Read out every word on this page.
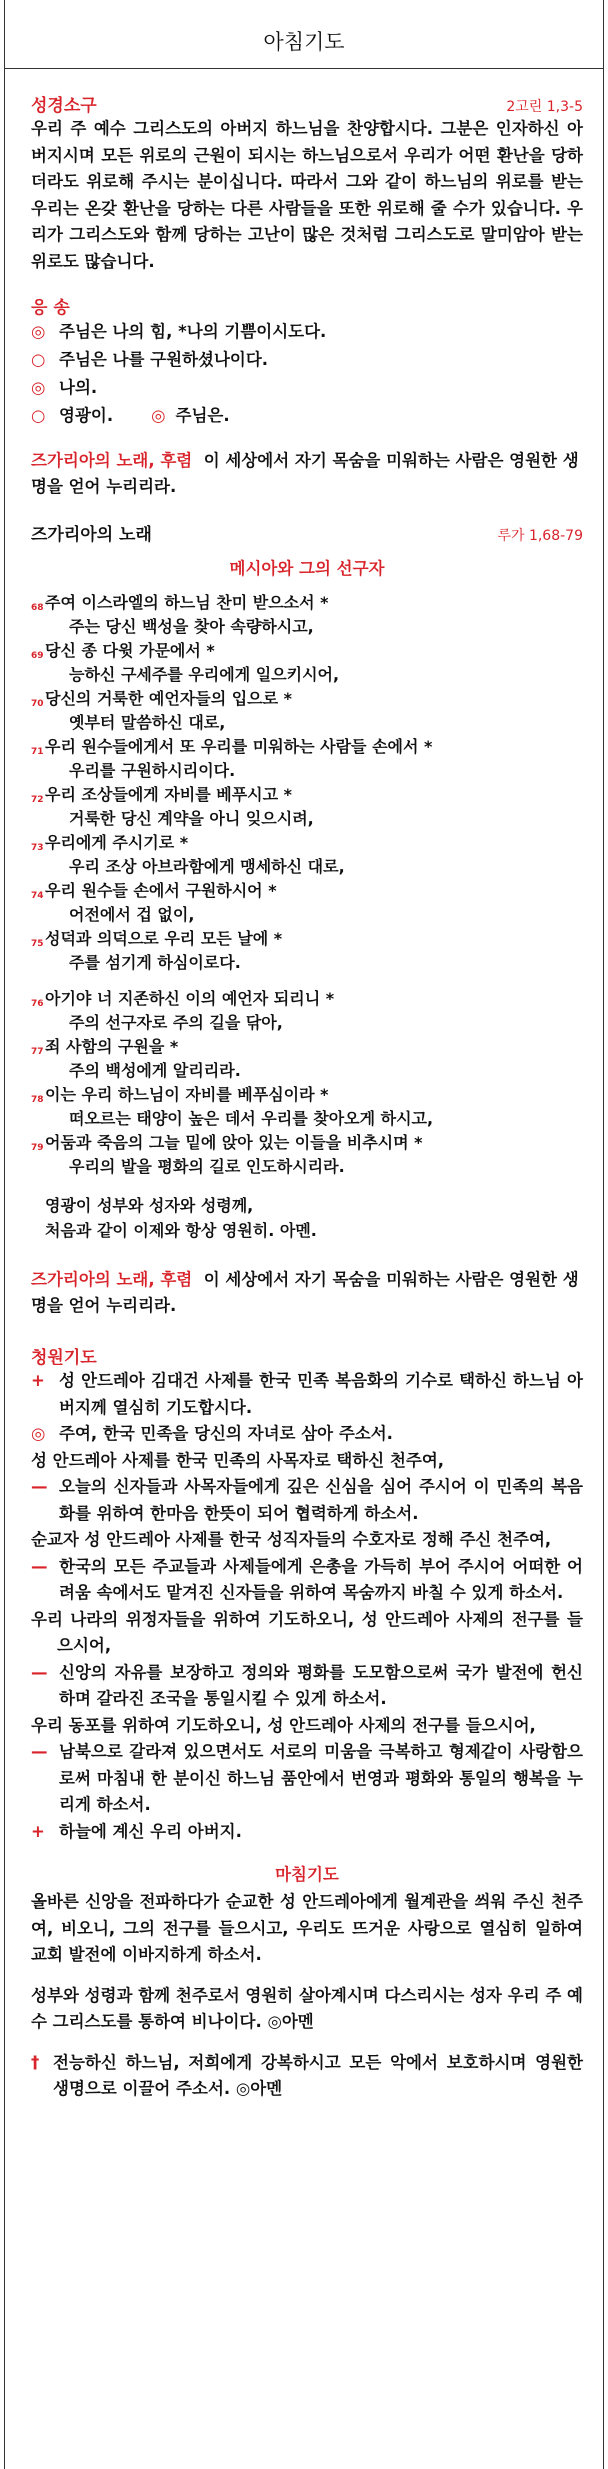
아침기도
성경소구	2고린 1,3-5
우리 주 예수 그리스도의 아버지 하느님을 찬양합시다. 그분은 인자하신 아버지시며 모든 위로의 근원이 되시는 하느님으로서 우리가 어떤 환난을 당하더라도 위로해 주시는 분이십니다. 따라서 그와 같이 하느님의 위로를 받는 우리는 온갖 환난을 당하는 다른 사람들을 또한 위로해 줄 수가 있습니다. 우리가 그리스도와 함께 당하는 고난이 많은 것처럼 그리스도로 말미암아 받는 위로도 많습니다.
응 송
◎ 주님은 나의 힘, *나의 기쁨이시도다.
○ 주님은 나를 구원하셨나이다.
◎ 나의.
○ 영광이. ◎ 주님은.
즈가리아의 노래, 후렴 이 세상에서 자기 목숨을 미워하는 사람은 영원한 생명을 얻어 누리리라.
즈가리아의 노래	루가 1,68-79
메시아와 그의 선구자
68 주여 이스라엘의 하느님 찬미 받으소서 *
주는 당신 백성을 찾아 속량하시고,
69 당신 종 다윗 가문에서 *
능하신 구세주를 우리에게 일으키시어,
70 당신의 거룩한 예언자들의 입으로 *
옛부터 말씀하신 대로,
71 우리 원수들에게서 또 우리를 미워하는 사람들 손에서 *
우리를 구원하시리이다.
72 우리 조상들에게 자비를 베푸시고 *
거룩한 당신 계약을 아니 잊으시려,
73 우리에게 주시기로 *
우리 조상 아브라함에게 맹세하신 대로,
74 우리 원수들 손에서 구원하시어 *
어전에서 겁 없이,
75 성덕과 의덕으로 우리 모든 날에 *
주를 섬기게 하심이로다.
76 아기야 너 지존하신 이의 예언자 되리니 *
주의 선구자로 주의 길을 닦아,
77 죄 사함의 구원을 *
주의 백성에게 알리리라.
78 이는 우리 하느님이 자비를 베푸심이라 *
떠오르는 태양이 높은 데서 우리를 찾아오게 하시고,
79 어둠과 죽음의 그늘 밑에 앉아 있는 이들을 비추시며 *
우리의 발을 평화의 길로 인도하시리라.
영광이 성부와 성자와 성령께,
처음과 같이 이제와 항상 영원히. 아멘.
즈가리아의 노래, 후렴 이 세상에서 자기 목숨을 미워하는 사람은 영원한 생명을 얻어 누리리라.
청원기도
+ 성 안드레아 김대건 사제를 한국 민족 복음화의 기수로 택하신 하느님 아버지께 열심히 기도합시다.
◎ 주여, 한국 민족을 당신의 자녀로 삼아 주소서.
성 안드레아 사제를 한국 민족의 사목자로 택하신 천주여,
— 오늘의 신자들과 사목자들에게 깊은 신심을 심어 주시어 이 민족의 복음화를 위하여 한마음 한뜻이 되어 협력하게 하소서.
순교자 성 안드레아 사제를 한국 성직자들의 수호자로 정해 주신 천주여,
— 한국의 모든 주교들과 사제들에게 은총을 가득히 부어 주시어 어떠한 어려움 속에서도 맡겨진 신자들을 위하여 목숨까지 바칠 수 있게 하소서.
우리 나라의 위정자들을 위하여 기도하오니, 성 안드레아 사제의 전구를 들으시어,
— 신앙의 자유를 보장하고 정의와 평화를 도모함으로써 국가 발전에 헌신하며 갈라진 조국을 통일시킬 수 있게 하소서.
우리 동포를 위하여 기도하오니, 성 안드레아 사제의 전구를 들으시어,
— 남북으로 갈라져 있으면서도 서로의 미움을 극복하고 형제같이 사랑함으로써 마침내 한 분이신 하느님 품안에서 번영과 평화와 통일의 행복을 누리게 하소서.
+ 하늘에 계신 우리 아버지.
마침기도
올바른 신앙을 전파하다가 순교한 성 안드레아에게 월계관을 씌워 주신 천주여, 비오니, 그의 전구를 들으시고, 우리도 뜨거운 사랑으로 열심히 일하여 교회 발전에 이바지하게 하소서.
성부와 성령과 함께 천주로서 영원히 살아계시며 다스리시는 성자 우리 주 예수 그리스도를 통하여 비나이다. ◎아멘
† 전능하신 하느님, 저희에게 강복하시고 모든 악에서 보호하시며 영원한 생명으로 이끌어 주소서. ◎아멘
